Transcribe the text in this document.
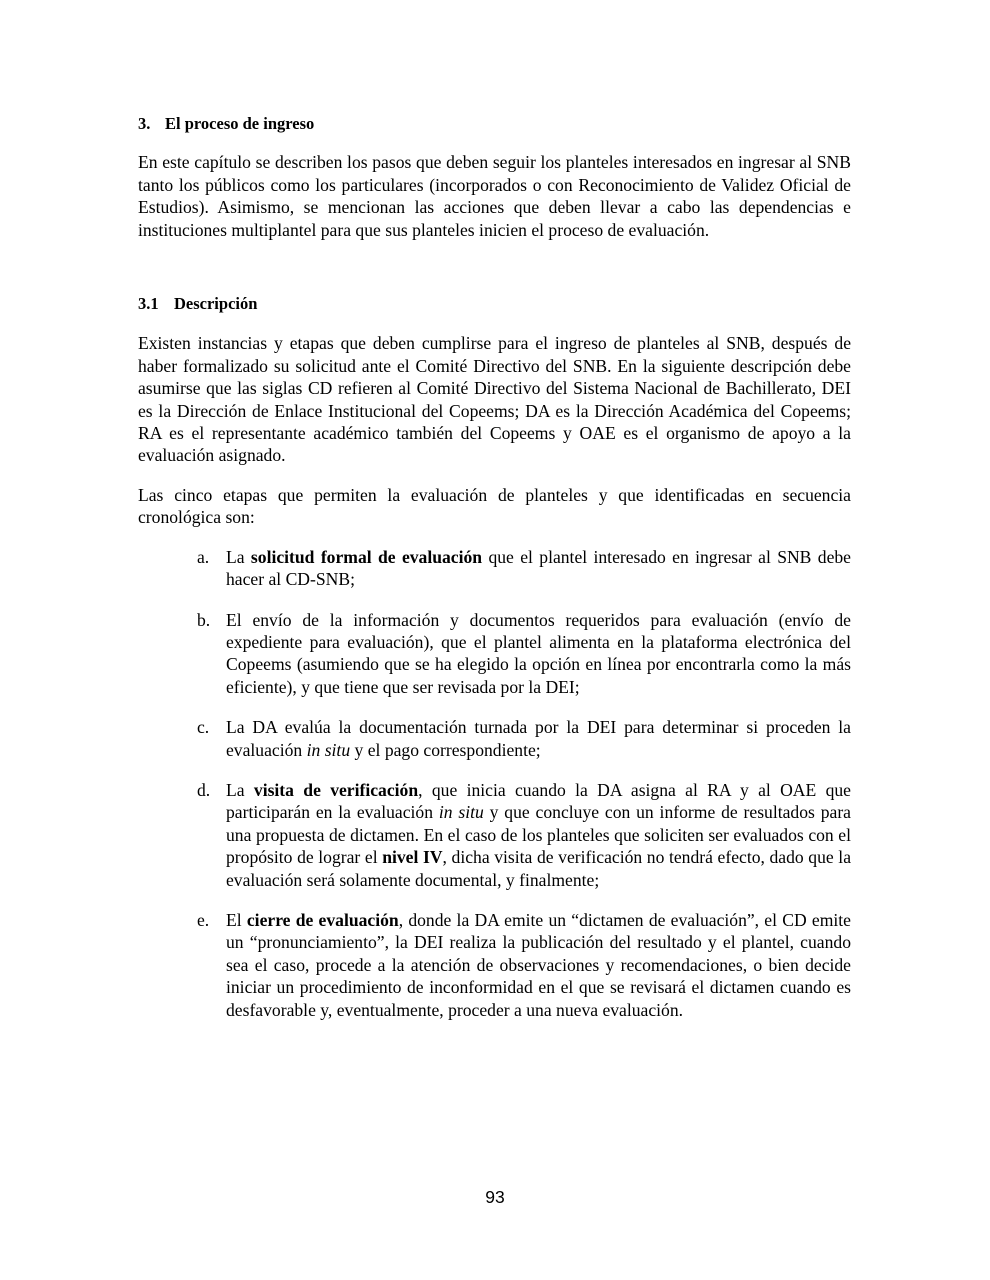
3. El proceso de ingreso

En este capítulo se describen los pasos que deben seguir los planteles interesados en ingresar al SNB tanto los públicos como los particulares (incorporados o con Reconocimiento de Validez Oficial de Estudios). Asimismo, se mencionan las acciones que deben llevar a cabo las dependencias e instituciones multiplantel para que sus planteles inicien el proceso de evaluación.

3.1 Descripción

Existen instancias y etapas que deben cumplirse para el ingreso de planteles al SNB, después de haber formalizado su solicitud ante el Comité Directivo del SNB. En la siguiente descripción debe asumirse que las siglas CD refieren al Comité Directivo del Sistema Nacional de Bachillerato, DEI es la Dirección de Enlace Institucional del Copeems; DA es la Dirección Académica del Copeems; RA es el representante académico también del Copeems y OAE es el organismo de apoyo a la evaluación asignado.

Las cinco etapas que permiten la evaluación de planteles y que identificadas en secuencia cronológica son:

a. La solicitud formal de evaluación que el plantel interesado en ingresar al SNB debe hacer al CD-SNB;
b. El envío de la información y documentos requeridos para evaluación (envío de expediente para evaluación), que el plantel alimenta en la plataforma electrónica del Copeems (asumiendo que se ha elegido la opción en línea por encontrarla como la más eficiente), y que tiene que ser revisada por la DEI;
c. La DA evalúa la documentación turnada por la DEI para determinar si proceden la evaluación in situ y el pago correspondiente;
d. La visita de verificación, que inicia cuando la DA asigna al RA y al OAE que participarán en la evaluación in situ y que concluye con un informe de resultados para una propuesta de dictamen. En el caso de los planteles que soliciten ser evaluados con el propósito de lograr el nivel IV, dicha visita de verificación no tendrá efecto, dado que la evaluación será solamente documental, y finalmente;
e. El cierre de evaluación, donde la DA emite un “dictamen de evaluación”, el CD emite un “pronunciamiento”, la DEI realiza la publicación del resultado y el plantel, cuando sea el caso, procede a la atención de observaciones y recomendaciones, o bien decide iniciar un procedimiento de inconformidad en el que se revisará el dictamen cuando es desfavorable y, eventualmente, proceder a una nueva evaluación.
93
